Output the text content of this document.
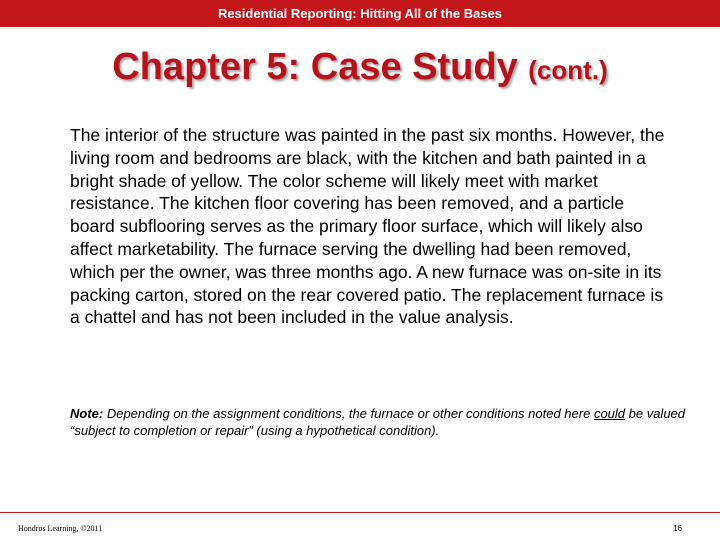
Residential Reporting: Hitting All of the Bases
Chapter 5: Case Study (cont.)
The interior of the structure was painted in the past six months. However, the living room and bedrooms are black, with the kitchen and bath painted in a bright shade of yellow. The color scheme will likely meet with market resistance. The kitchen floor covering has been removed, and a particle board subflooring serves as the primary floor surface, which will likely also affect marketability. The furnace serving the dwelling had been removed, which per the owner, was three months ago. A new furnace was on-site in its packing carton, stored on the rear covered patio. The replacement furnace is a chattel and has not been included in the value analysis.
Note: Depending on the assignment conditions, the furnace or other conditions noted here could be valued “subject to completion or repair” (using a hypothetical condition).
Hondros Learning, ©2011	16
